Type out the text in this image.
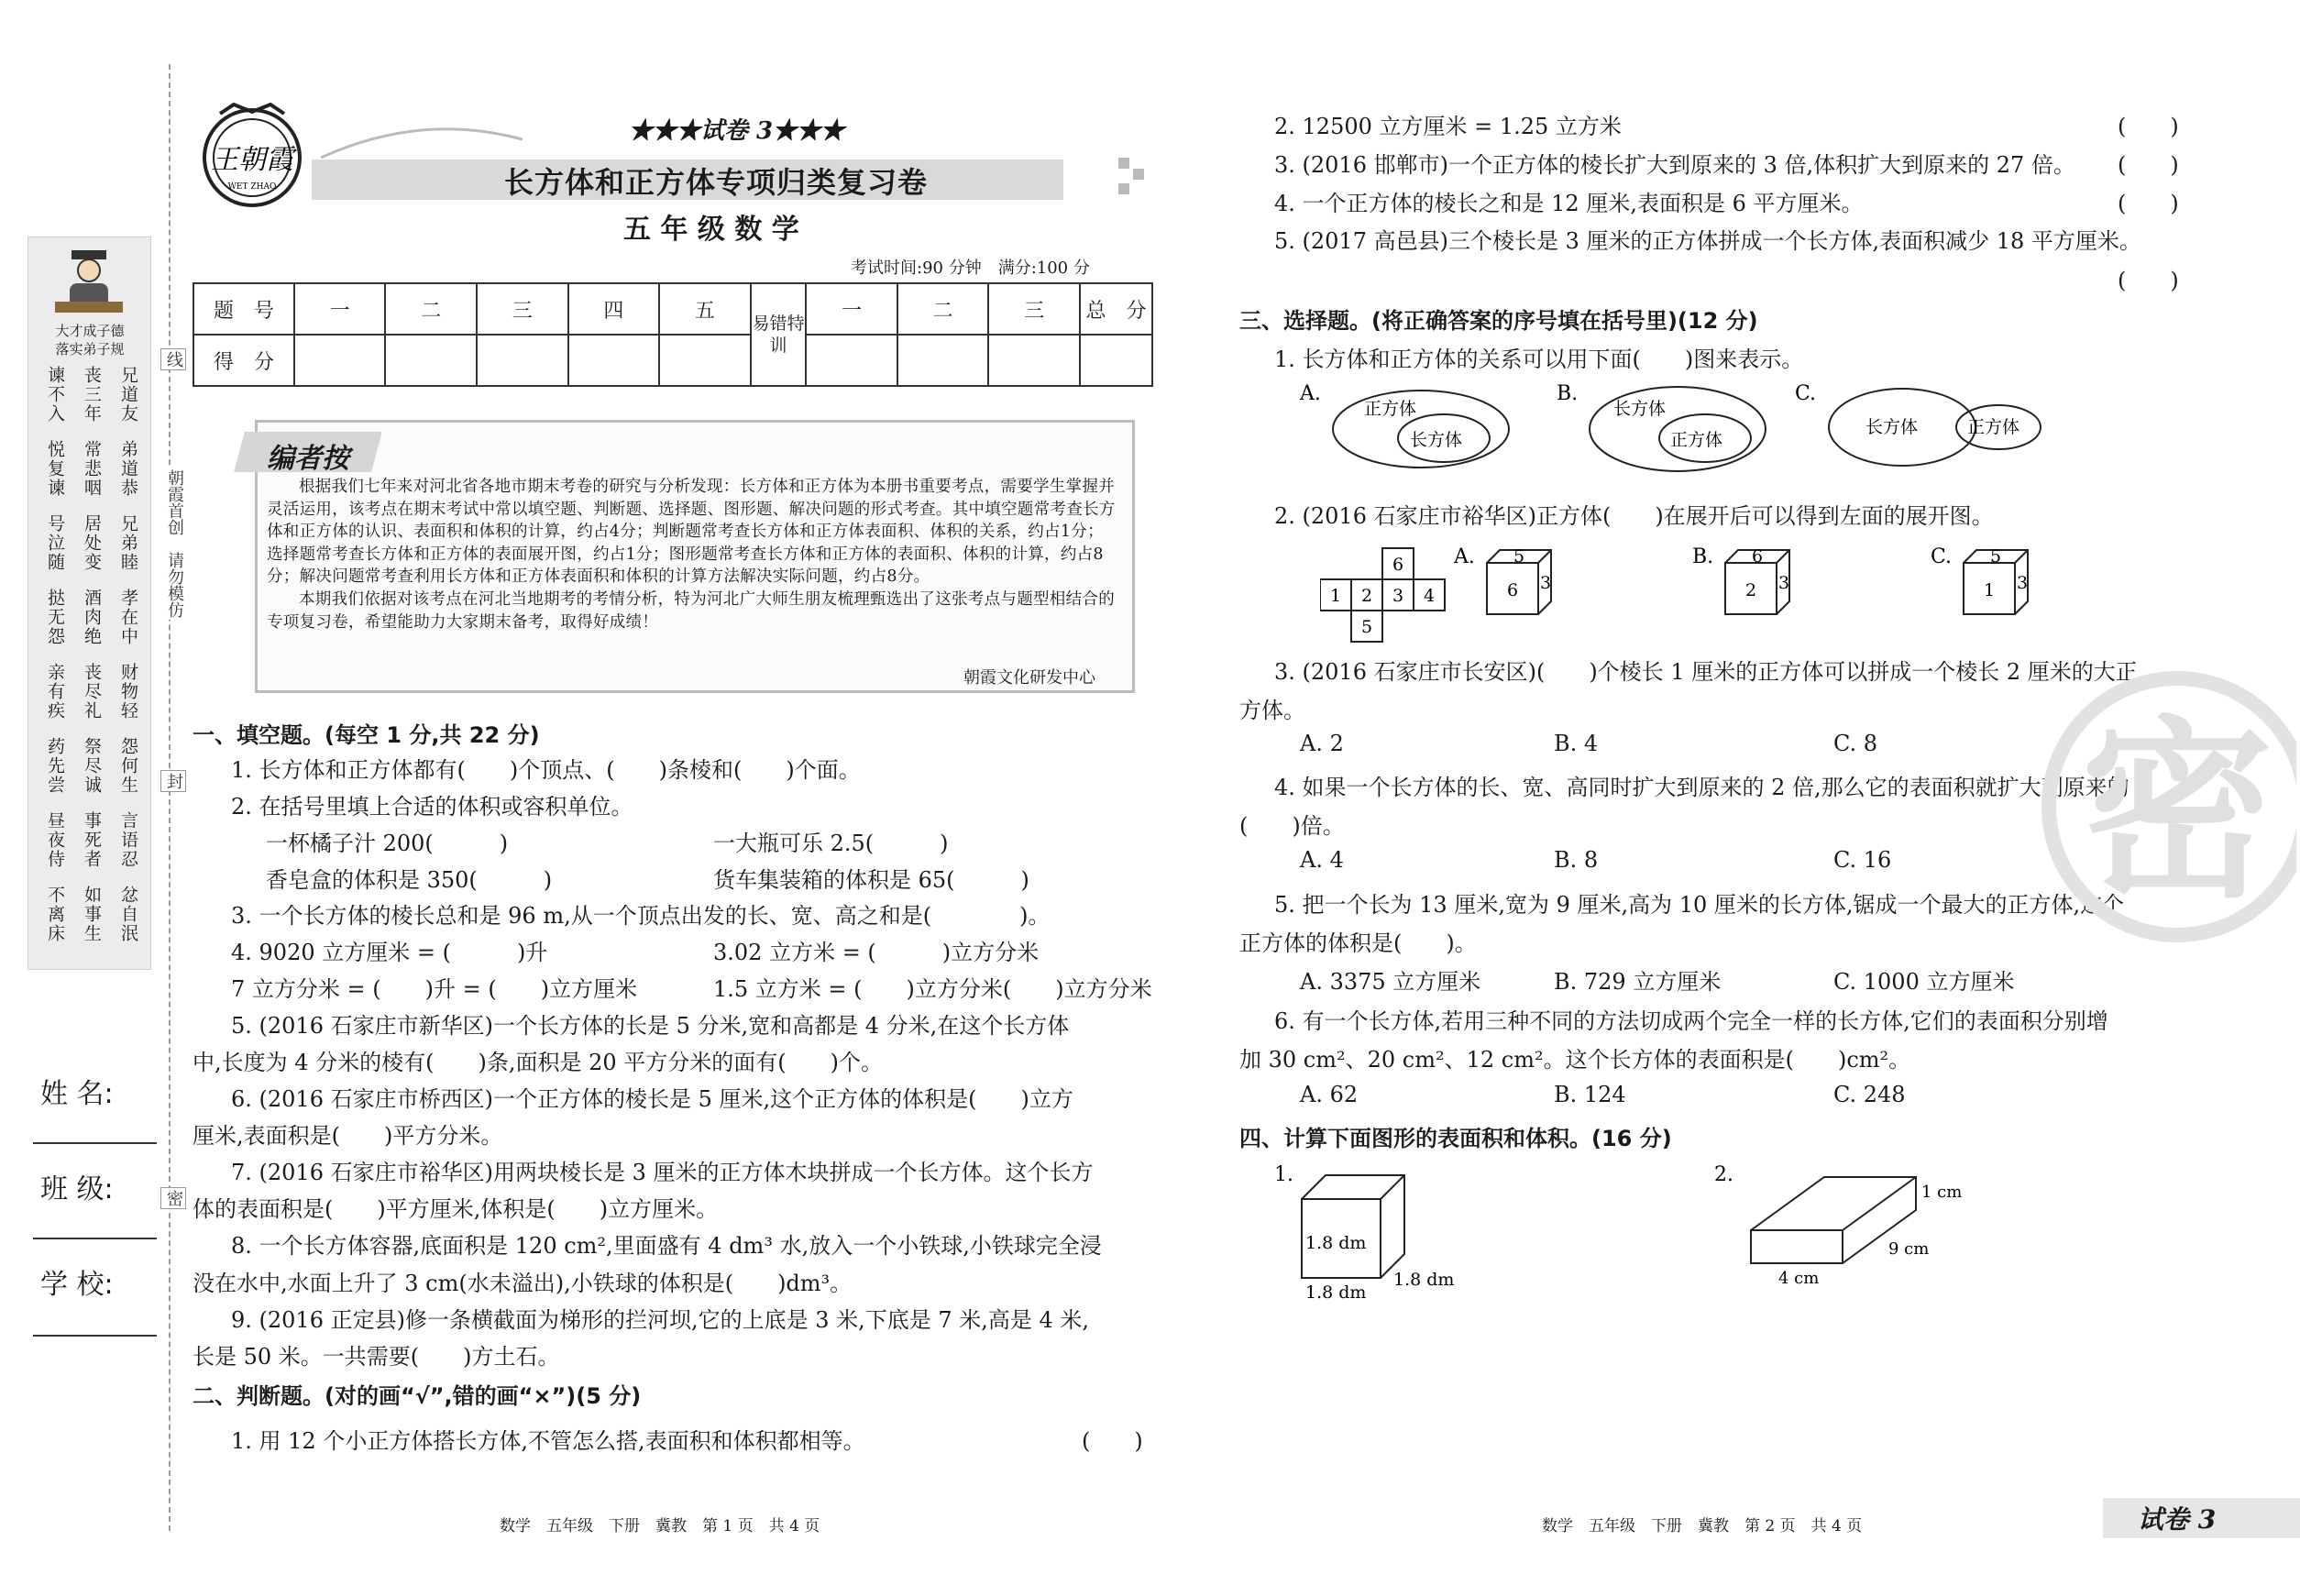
大才成子德
落实弟子规
兄道友
丧三年
谏不入
弟道恭
常悲咽
悦复谏
兄弟睦
居处变
号泣随
孝在中
酒肉绝
挞无怨
财物轻
丧尽礼
亲有疾
怨何生
祭尽诚
药先尝
言语忍
事死者
昼夜侍
忿自泯
如事生
不离床
线
朝霞首创　请勿模仿
封
密
姓 名:
班 级:
学 校:
王朝霞
WET ZHAO
★★★试卷 3★★★
长方体和正方体专项归类复习卷
五 年 级 数 学
考试时间:90 分钟　满分:100 分
题　号	一	二	三	四	五	易错特训	一	二	三	总　分
得　分										
编者按

根据我们七年来对河北省各地市期末考卷的研究与分析发现：长方体和正方体为本册书重要考点，需要学生掌握并灵活运用，该考点在期末考试中常以填空题、判断题、选择题、图形题、解决问题的形式考查。其中填空题常考查长方体和正方体的认识、表面积和体积的计算，约占4分；判断题常考查长方体和正方体表面积、体积的关系，约占1分；选择题常考查长方体和正方体的表面展开图，约占1分；图形题常考查长方体和正方体的表面积、体积的计算，约占8分；解决问题常考查利用长方体和正方体表面积和体积的计算方法解决实际问题，约占8分。

本期我们依据对该考点在河北当地期考的考情分析，特为河北广大师生朋友梳理甄选出了这张考点与题型相结合的专项复习卷，希望能助力大家期末备考，取得好成绩！

朝霞文化研发中心
一、填空题。(每空 1 分,共 22 分)
1. 长方体和正方体都有(　　)个顶点、(　　)条棱和(　　)个面。
2. 在括号里填上合适的体积或容积单位。
一杯橘子汁 200(　　　)	一大瓶可乐 2.5(　　　)
香皂盒的体积是 350(　　　)	货车集装箱的体积是 65(　　　)
3. 一个长方体的棱长总和是 96 m,从一个顶点出发的长、宽、高之和是(　　　　)。
4. 9020 立方厘米 = (　　　)升	3.02 立方米 = (　　　)立方分米
7 立方分米 = (　　)升 = (　　)立方厘米	1.5 立方米 = (　　)立方分米(　　)立方分米
5. (2016 石家庄市新华区)一个长方体的长是 5 分米,宽和高都是 4 分米,在这个长方体
中,长度为 4 分米的棱有(　　)条,面积是 20 平方分米的面有(　　)个。
6. (2016 石家庄市桥西区)一个正方体的棱长是 5 厘米,这个正方体的体积是(　　)立方
厘米,表面积是(　　)平方分米。
7. (2016 石家庄市裕华区)用两块棱长是 3 厘米的正方体木块拼成一个长方体。这个长方
体的表面积是(　　)平方厘米,体积是(　　)立方厘米。
8. 一个长方体容器,底面积是 120 cm²,里面盛有 4 dm³ 水,放入一个小铁球,小铁球完全浸
没在水中,水面上升了 3 cm(水未溢出),小铁球的体积是(　　)dm³。
9. (2016 正定县)修一条横截面为梯形的拦河坝,它的上底是 3 米,下底是 7 米,高是 4 米,
长是 50 米。一共需要(　　)方土石。
二、判断题。(对的画“√”,错的画“×”)(5 分)
1. 用 12 个小正方体搭长方体,不管怎么搭,表面积和体积都相等。	(　　)
数学　五年级　下册　冀教　第 1 页　共 4 页
2. 12500 立方厘米 = 1.25 立方米	(　　)
3. (2016 邯郸市)一个正方体的棱长扩大到原来的 3 倍,体积扩大到原来的 27 倍。 (　　)
4. 一个正方体的棱长之和是 12 厘米,表面积是 6 平方厘米。	(　　)
5. (2017 高邑县)三个棱长是 3 厘米的正方体拼成一个长方体,表面积减少 18 平方厘米。
(　　)
三、选择题。(将正确答案的序号填在括号里)(12 分)
1. 长方体和正方体的关系可以用下面(　　)图来表示。
A.
正方体
长方体
B.
长方体
正方体
C.
长方体	正方体
2. (2016 石家庄市裕华区)正方体(　　)在展开后可以得到左面的展开图。
6
1 2 3 4
5
A. 5
6 3
B. 6
2 3
C. 5
1 3
3. (2016 石家庄市长安区)(　　)个棱长 1 厘米的正方体可以拼成一个棱长 2 厘米的大正
方体。
A. 2	B. 4	C. 8
4. 如果一个长方体的长、宽、高同时扩大到原来的 2 倍,那么它的表面积就扩大到原来的
(　　)倍。
A. 4	B. 8	C. 16
5. 把一个长为 13 厘米,宽为 9 厘米,高为 10 厘米的长方体,锯成一个最大的正方体,这个
正方体的体积是(　　)。
A. 3375 立方厘米	B. 729 立方厘米	C. 1000 立方厘米
6. 有一个长方体,若用三种不同的方法切成两个完全一样的长方体,它们的表面积分别增
加 30 cm²、20 cm²、12 cm²。这个长方体的表面积是(　　)cm²。
A. 62	B. 124	C. 248
四、计算下面图形的表面积和体积。(16 分)
1.
1.8 dm
1.8 dm
1.8 dm
2.
1 cm
9 cm
4 cm
数学　五年级　下册　冀教　第 2 页　共 4 页	试卷 3
密
